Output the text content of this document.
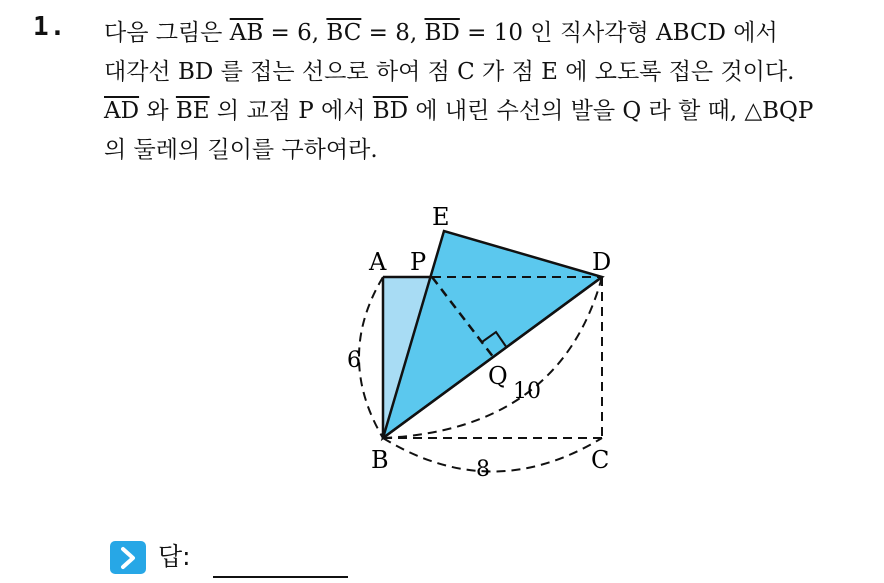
1. 다음 그림은 $\overline{AB} = 6$, $\overline{BC} = 8$, $\overline{BD} = 10$ 인 직사각형 ABCD 에서
대각선 BD 를 접는 선으로 하여 점 C 가 점 E 에 오도록 접은 것이다.
$\overline{AD}$ 와 $\overline{BE}$ 의 교점 P 에서 $\overline{BD}$ 에 내린 수선의 발을 Q 라 할 때, △BQP
의 둘레의 길이를 구하여라.
E
A P	D
Q
B	C
6
10
8
답:
